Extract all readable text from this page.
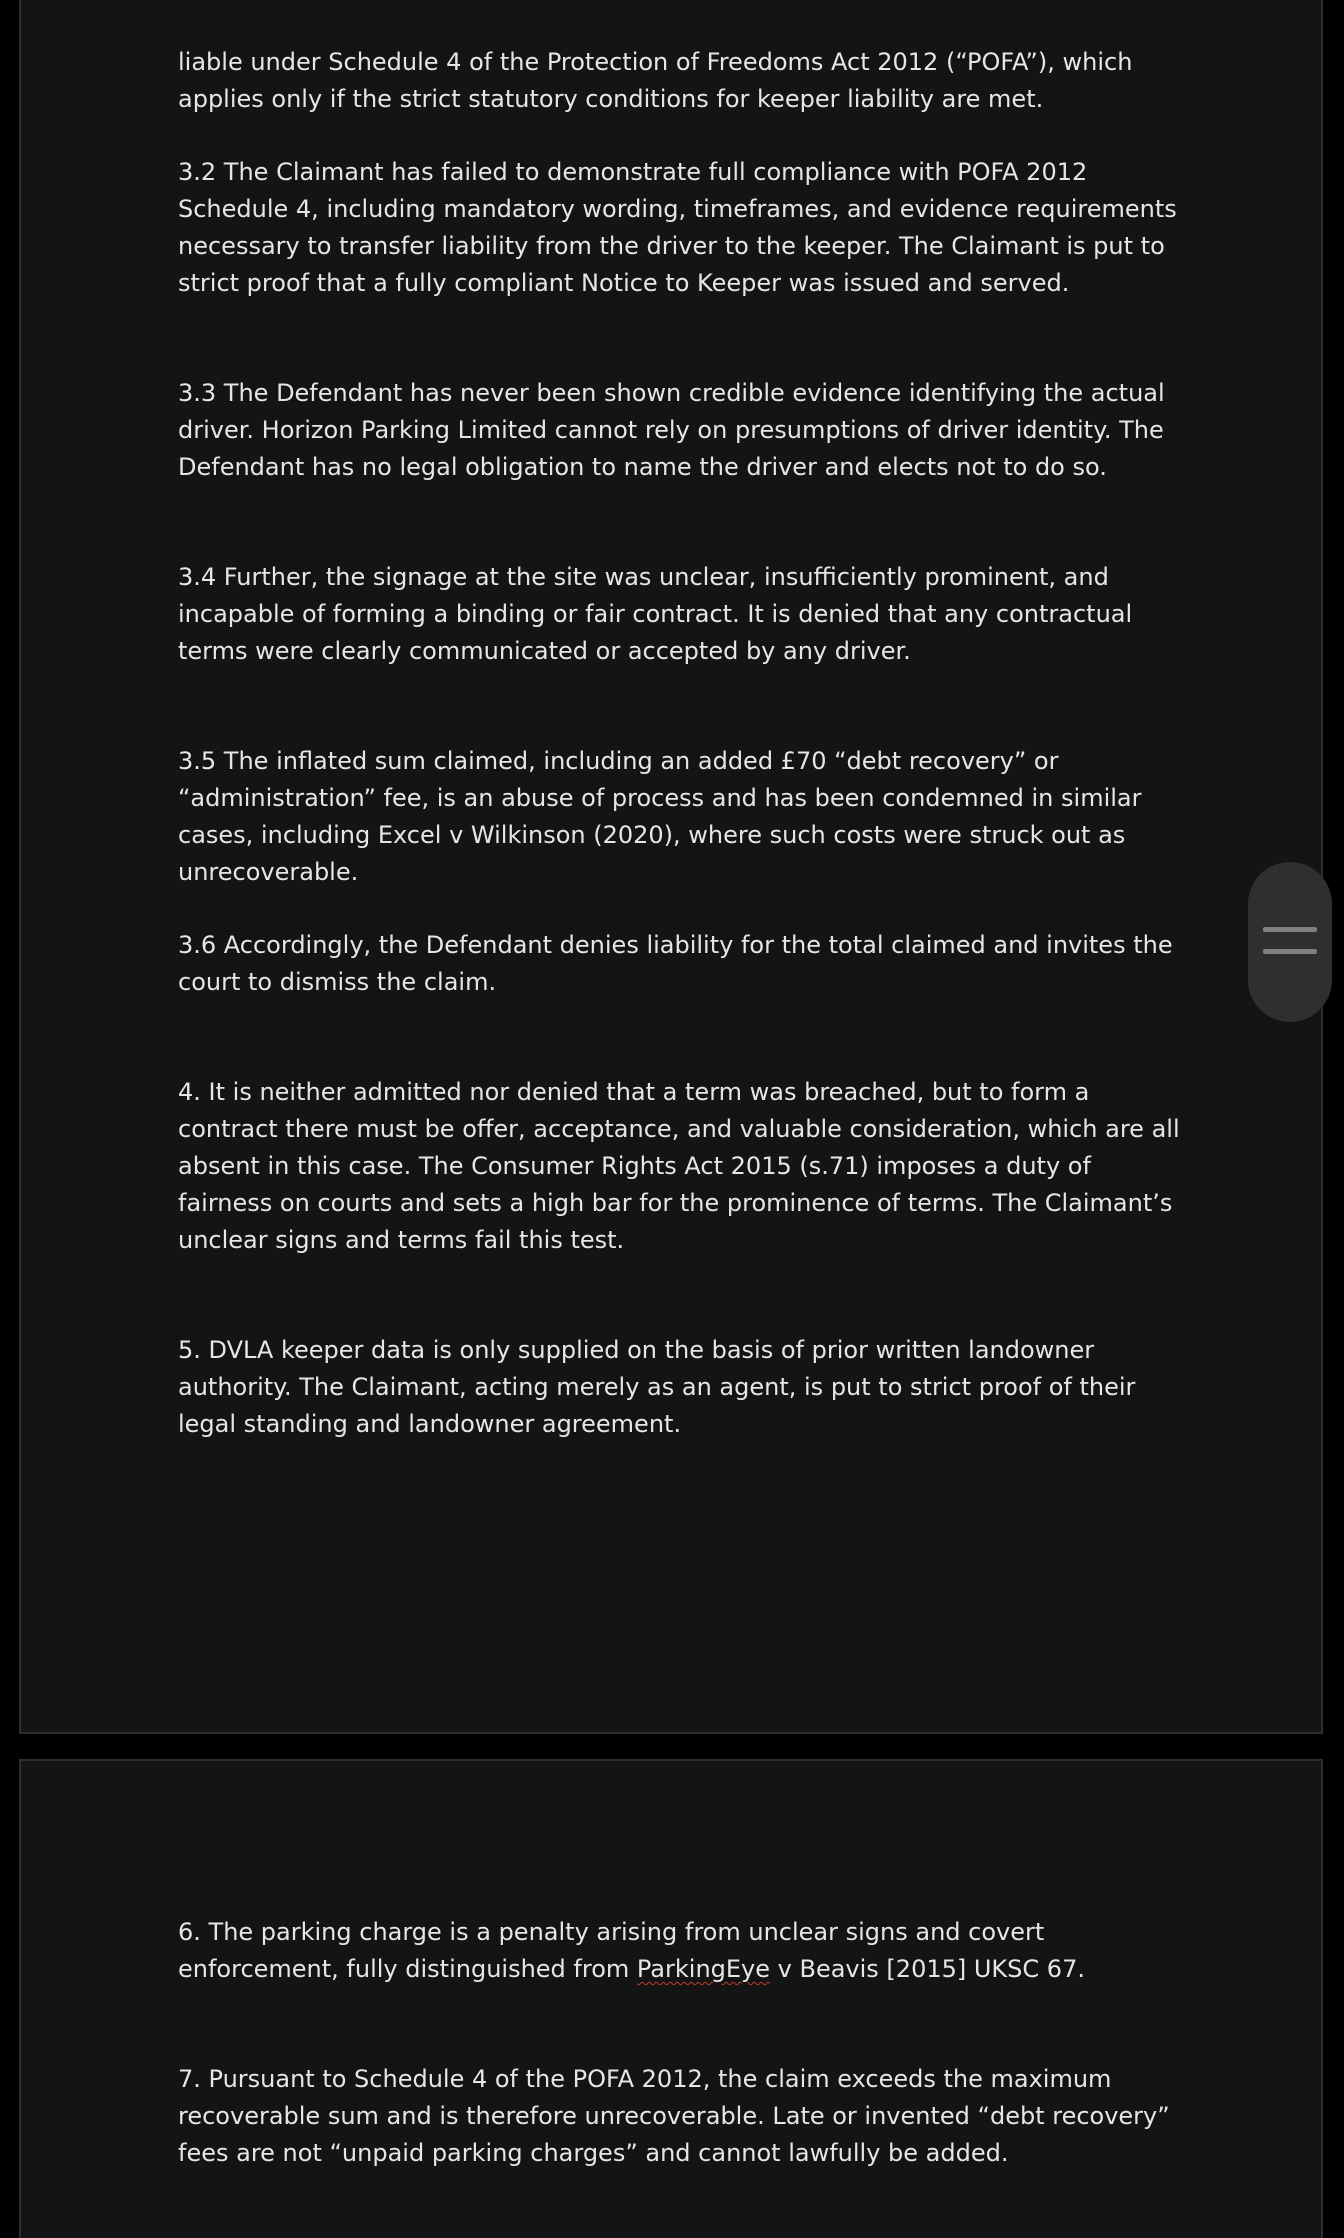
liable under Schedule 4 of the Protection of Freedoms Act 2012 (“POFA”), which applies only if the strict statutory conditions for keeper liability are met.

3.2 The Claimant has failed to demonstrate full compliance with POFA 2012 Schedule 4, including mandatory wording, timeframes, and evidence requirements necessary to transfer liability from the driver to the keeper. The Claimant is put to strict proof that a fully compliant Notice to Keeper was issued and served.

3.3 The Defendant has never been shown credible evidence identifying the actual driver. Horizon Parking Limited cannot rely on presumptions of driver identity. The Defendant has no legal obligation to name the driver and elects not to do so.

3.4 Further, the signage at the site was unclear, insufficiently prominent, and incapable of forming a binding or fair contract. It is denied that any contractual terms were clearly communicated or accepted by any driver.

3.5 The inflated sum claimed, including an added £70 “debt recovery” or “administration” fee, is an abuse of process and has been condemned in similar cases, including Excel v Wilkinson (2020), where such costs were struck out as unrecoverable.

3.6 Accordingly, the Defendant denies liability for the total claimed and invites the court to dismiss the claim.

4. It is neither admitted nor denied that a term was breached, but to form a contract there must be offer, acceptance, and valuable consideration, which are all absent in this case. The Consumer Rights Act 2015 (s.71) imposes a duty of fairness on courts and sets a high bar for the prominence of terms. The Claimant’s unclear signs and terms fail this test.

5. DVLA keeper data is only supplied on the basis of prior written landowner authority. The Claimant, acting merely as an agent, is put to strict proof of their legal standing and landowner agreement.

6. The parking charge is a penalty arising from unclear signs and covert enforcement, fully distinguished from ParkingEye v Beavis [2015] UKSC 67.

7. Pursuant to Schedule 4 of the POFA 2012, the claim exceeds the maximum recoverable sum and is therefore unrecoverable. Late or invented “debt recovery” fees are not “unpaid parking charges” and cannot lawfully be added.
